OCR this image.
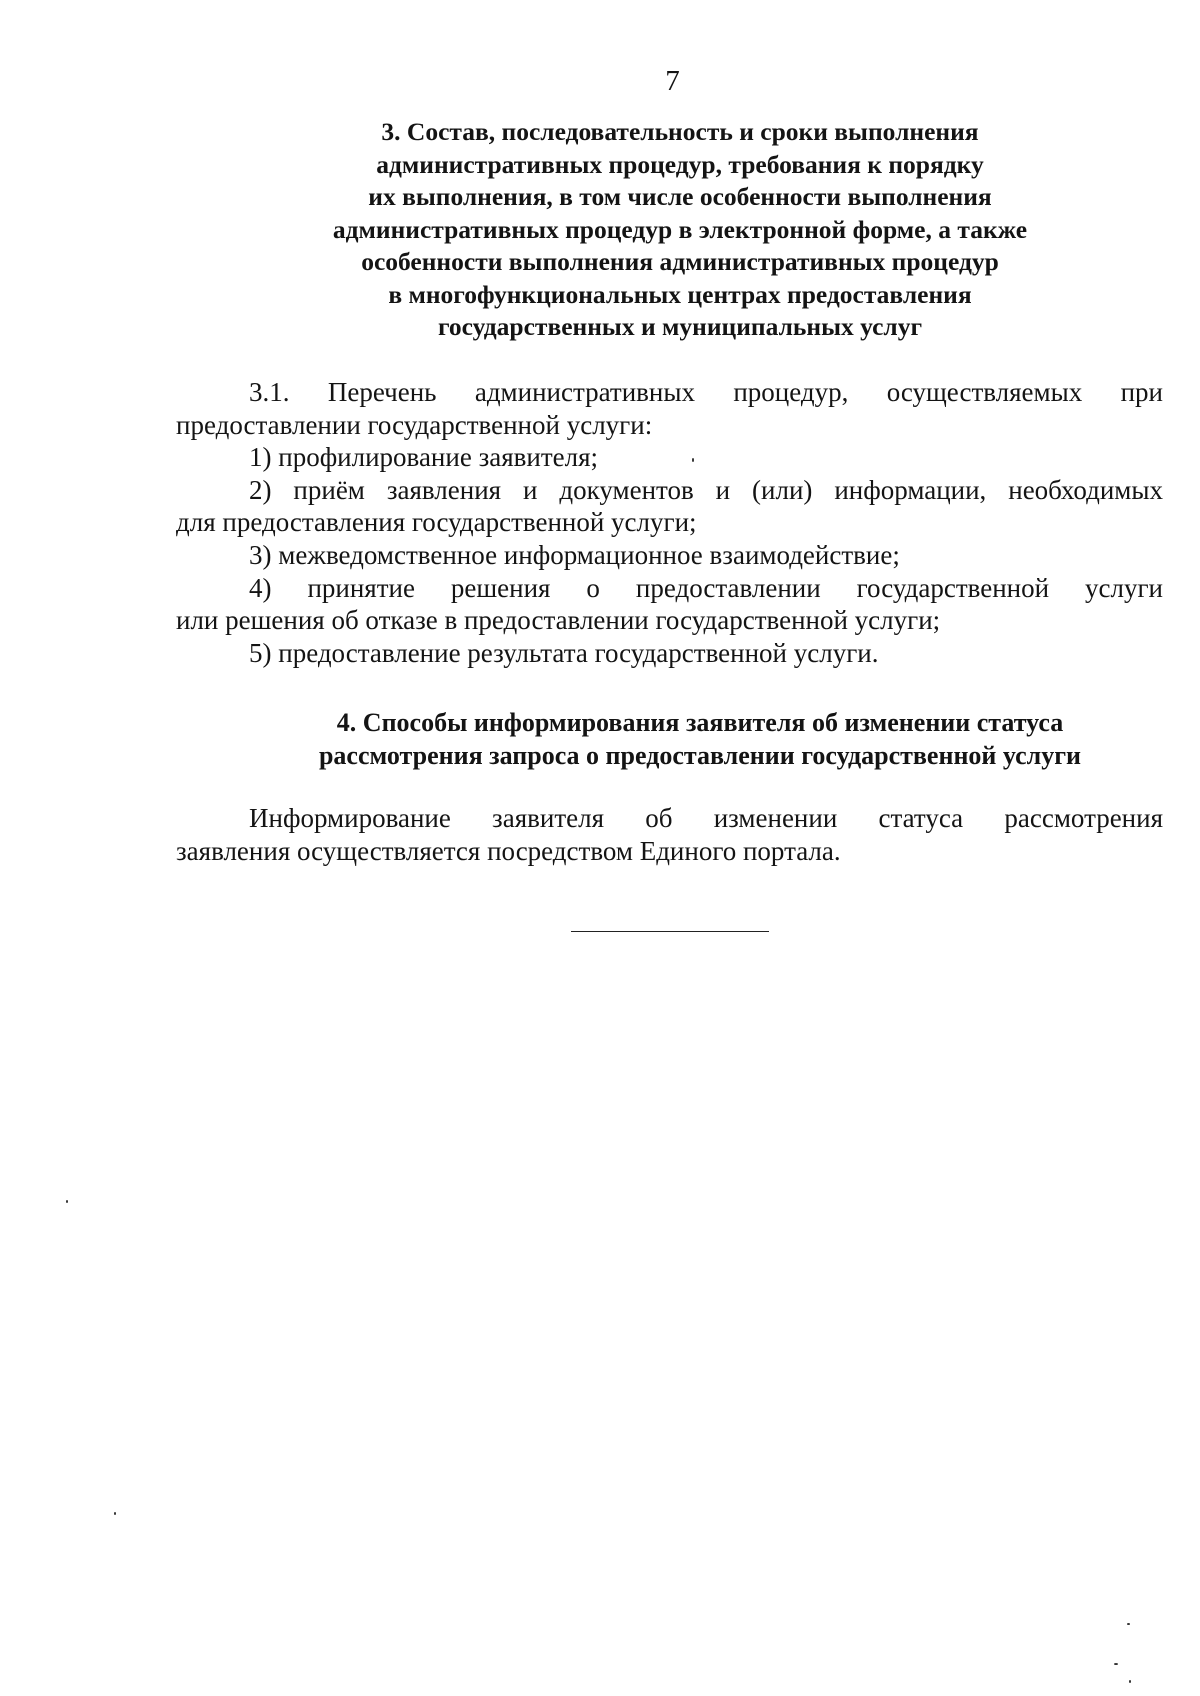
7
3. Состав, последовательность и сроки выполнения
административных процедур, требования к порядку
их выполнения, в том числе особенности выполнения
административных процедур в электронной форме, а также
особенности выполнения административных процедур
в многофункциональных центрах предоставления
государственных и муниципальных услуг
3.1. Перечень административных процедур, осуществляемых при
предоставлении государственной услуги:
1) профилирование заявителя;
2) приём заявления и документов и (или) информации, необходимых
для предоставления государственной услуги;
3) межведомственное информационное взаимодействие;
4) принятие решения о предоставлении государственной услуги
или решения об отказе в предоставлении государственной услуги;
5) предоставление результата государственной услуги.
4. Способы информирования заявителя об изменении статуса
рассмотрения запроса о предоставлении государственной услуги
Информирование заявителя об изменении статуса рассмотрения
заявления осуществляется посредством Единого портала.
